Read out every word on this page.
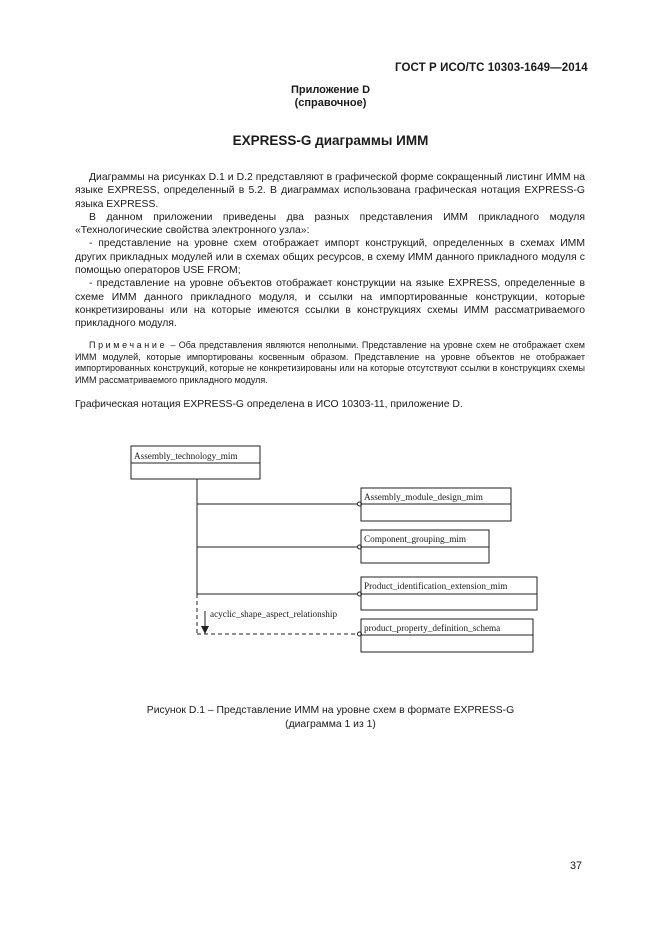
ГОСТ Р ИСО/ТС 10303-1649—2014
Приложение D
(справочное)
EXPRESS-G диаграммы ИММ

Диаграммы на рисунках D.1 и D.2 представляют в графической форме сокращенный листинг ИММ на языке EXPRESS, определенный в 5.2. В диаграммах использована графическая нотация EXPRESS-G языка EXPRESS.

В данном приложении приведены два разных представления ИММ прикладного модуля «Технологические свойства электронного узла»:

- представление на уровне схем отображает импорт конструкций, определенных в схемах ИММ других прикладных модулей или в схемах общих ресурсов, в схему ИММ данного прикладного модуля с помощью операторов USE FROM;

- представление на уровне объектов отображает конструкции на языке EXPRESS, определенные в схеме ИММ данного прикладного модуля, и ссылки на импортированные конструкции, которые конкретизированы или на которые имеются ссылки в конструкциях схемы ИММ рассматриваемого прикладного модуля.

Примечание – Оба представления являются неполными. Представление на уровне схем не отображает схем ИММ модулей, которые импортированы косвенным образом. Представление на уровне объектов не отображает импортированных конструкций, которые не конкретизированы или на которые отсутствуют ссылки в конструкциях схемы ИММ рассматриваемого прикладного модуля.
Графическая нотация EXPRESS-G определена в ИСО 10303-11, приложение D.
Assembly_technology_mim
acyclic_shape_aspect_relationship
Assembly_module_design_mim
Component_grouping_mim
Product_identification_extension_mim
product_property_definition_schema
Рисунок D.1 – Представление ИММ на уровне схем в формате EXPRESS-G
(диаграмма 1 из 1)
37
